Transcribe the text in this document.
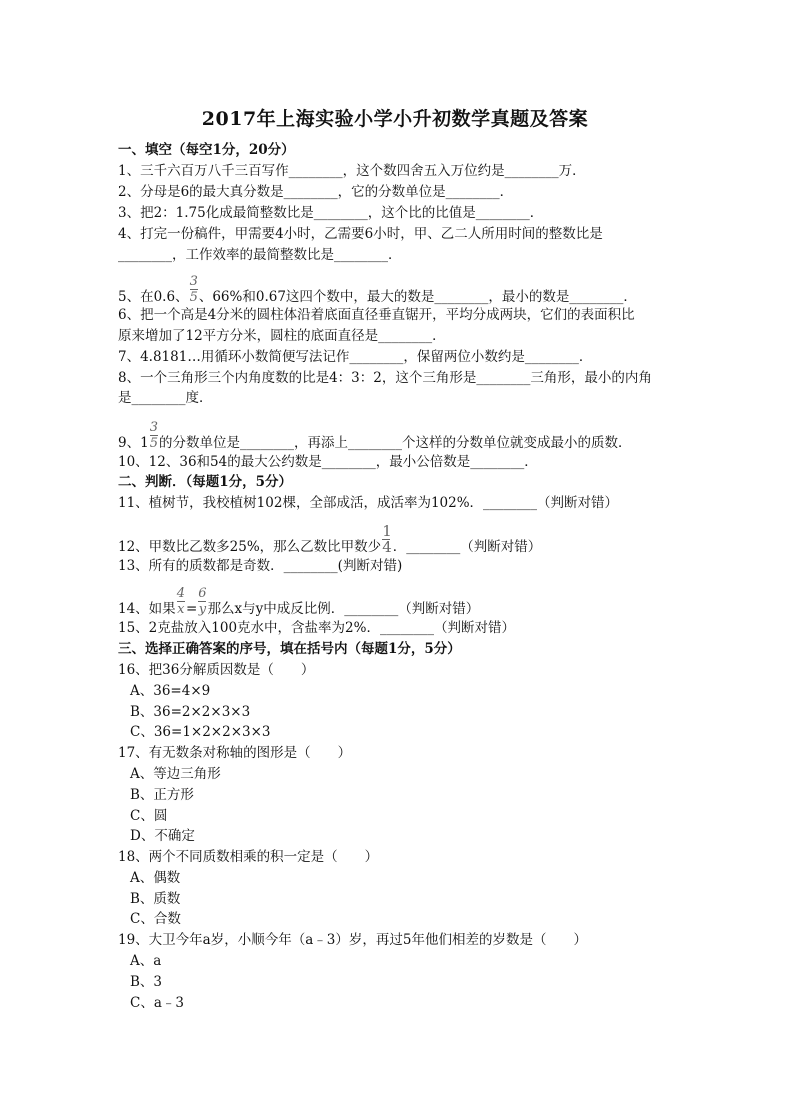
2017年上海实验小学小升初数学真题及答案
一、填空（每空1分，20分）
1、三千六百万八千三百写作________，这个数四舍五入万位约是________万．
2、分母是6的最大真分数是________，它的分数单位是________．
3、把2：1.75化成最简整数比是________，这个比的比值是________．
4、打完一份稿件，甲需要4小时，乙需要6小时，甲、乙二人所用时间的整数比是
________，工作效率的最简整数比是________．
5、在0.6、 $\frac{3}{5}$ 、66%和0.67这四个数中，最大的数是________，最小的数是________．
6、把一个高是4分米的圆柱体沿着底面直径垂直锯开，平均分成两块，它们的表面积比
原来增加了12平方分米，圆柱的底面直径是________．
7、4.8181…用循环小数简便写法记作________，保留两位小数约是________．
8、一个三角形三个内角度数的比是4：3：2，这个三角形是________三角形，最小的内角
是________度．
9、$1 \frac{3}{5}$ 的分数单位是________，再添上________个这样的分数单位就变成最小的质数．
10、12、36和54的最大公约数是________，最小公倍数是________．
二、判断．（每题1分，5分）
11、植树节，我校植树102棵，全部成活，成活率为102%．________（判断对错）
12、甲数比乙数多25%，那么乙数比甲数少 $\frac{1}{4}$ ．________（判断对错）
13、所有的质数都是奇数．________(判断对错)
14、如果 $\frac{4}{x} = \frac{6}{y}$ 那么x与y中成反比例．________（判断对错）
15、2克盐放入100克水中，含盐率为2%．________（判断对错）
三、选择正确答案的序号，填在括号内（每题1分，5分）
16、把36分解质因数是（　　）
A、36=4×9
B、36=2×2×3×3
C、36=1×2×2×3×3
17、有无数条对称轴的图形是（　　）
A、等边三角形
B、正方形
C、圆
D、不确定
18、两个不同质数相乘的积一定是（　　）
A、偶数
B、质数
C、合数
19、大卫今年a岁，小顺今年（a﹣3）岁，再过5年他们相差的岁数是（　　）
A、a
B、3
C、a﹣3
